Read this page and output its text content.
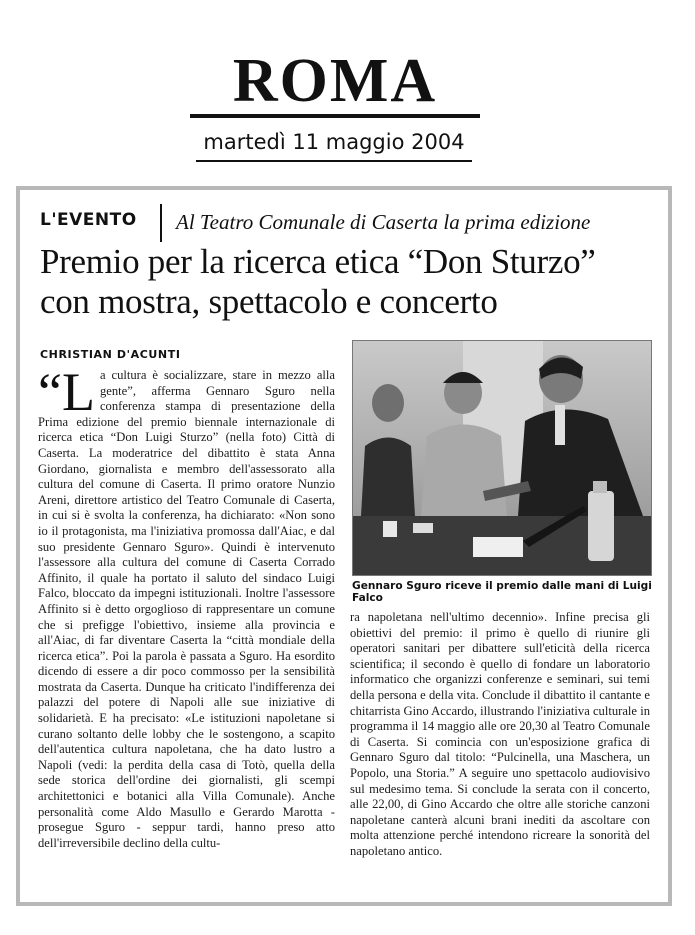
ROMA
martedì 11 maggio 2004
L'EVENTO Al Teatro Comunale di Caserta la prima edizione
Premio per la ricerca etica “Don Sturzo”
con mostra, spettacolo e concerto
CHRISTIAN D'ACUNTI
“L a cultura è socializzare, stare in mezzo alla gente”, afferma Gennaro Sguro nella conferenza stampa di presentazione della Prima edizione del premio biennale internazionale di ricerca etica “Don Luigi Sturzo” (nella foto) Città di Caserta. La moderatrice del dibattito è stata Anna Giordano, giornalista e membro dell'assessorato alla cultura del comune di Caserta. Il primo oratore Nunzio Areni, direttore artistico del Teatro Comunale di Caserta, in cui si è svolta la conferenza, ha dichiarato: «Non sono io il protagonista, ma l'iniziativa promossa dall'Aiac, e dal suo presidente Gennaro Sguro». Quindi è intervenuto l'assessore alla cultura del comune di Caserta Corrado Affinito, il quale ha portato il saluto del sindaco Luigi Falco, bloccato da impegni istituzionali. Inoltre l'assessore Affinito si è detto orgoglioso di rappresentare un comune che si prefigge l'obiettivo, insieme alla provincia e all'Aiac, di far diventare Caserta la “città mondiale della ricerca etica”. Poi la parola è passata a Sguro. Ha esordito dicendo di essere a dir poco commosso per la sensibilità mostrata da Caserta. Dunque ha criticato l'indifferenza dei palazzi del potere di Napoli alle sue iniziative di solidarietà. E ha precisato: «Le istituzioni napoletane si curano soltanto delle lobby che le sostengono, a scapito dell'autentica cultura napoletana, che ha dato lustro a Napoli (vedi: la perdita della casa di Totò, quella della sede storica dell'ordine dei giornalisti, gli scempi architettonici e botanici alla Villa Comunale). Anche personalità come Aldo Masullo e Gerardo Marotta - prosegue Sguro - seppur tardi, hanno preso atto dell'irreversibile declino della cultu-
Gennaro Sguro riceve il premio dalle mani di Luigi Falco
ra napoletana nell'ultimo decennio». Infine precisa gli obiettivi del premio: il primo è quello di riunire gli operatori sanitari per dibattere sull'eticità della ricerca scientifica; il secondo è quello di fondare un laboratorio informatico che organizzi conferenze e seminari, sui temi della persona e della vita. Conclude il dibattito il cantante e chitarrista Gino Accardo, illustrando l'iniziativa culturale in programma il 14 maggio alle ore 20,30 al Teatro Comunale di Caserta. Si comincia con un'esposizione grafica di Gennaro Sguro dal titolo: “Pulcinella, una Maschera, un Popolo, una Storia.” A seguire uno spettacolo audiovisivo sul medesimo tema. Si conclude la serata con il concerto, alle 22,00, di Gino Accardo che oltre alle storiche canzoni napoletane canterà alcuni brani inediti da ascoltare con molta attenzione perché intendono ricreare la sonorità del napoletano antico.
